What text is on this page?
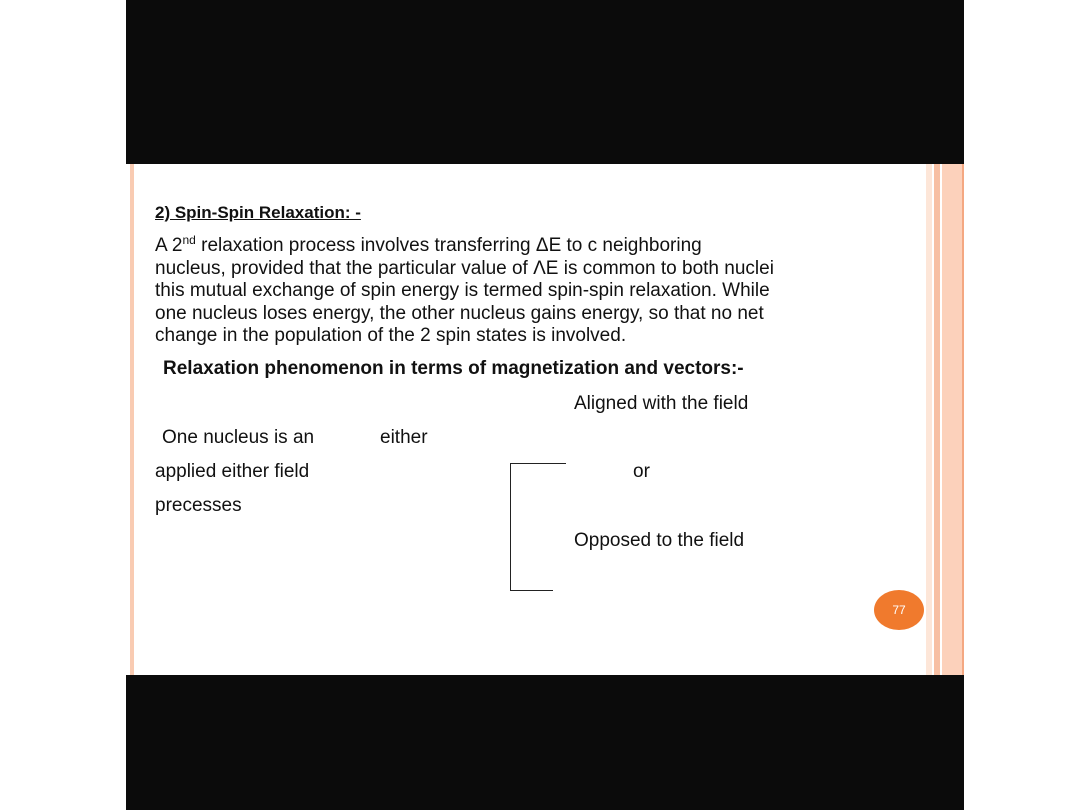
2) Spin-Spin Relaxation: -

A 2nd relaxation process involves transferring ΔE to c neighboring
nucleus, provided that the particular value of ΛE is common to both nuclei
this mutual exchange of spin energy is termed spin-spin relaxation. While
one nucleus loses energy, the other nucleus gains energy, so that no net
change in the population of the 2 spin states is involved.

Relaxation phenomenon in terms of magnetization and vectors:-
Aligned with the field
One nucleus is an	either
applied either field	or
precesses
Opposed to the field
77
